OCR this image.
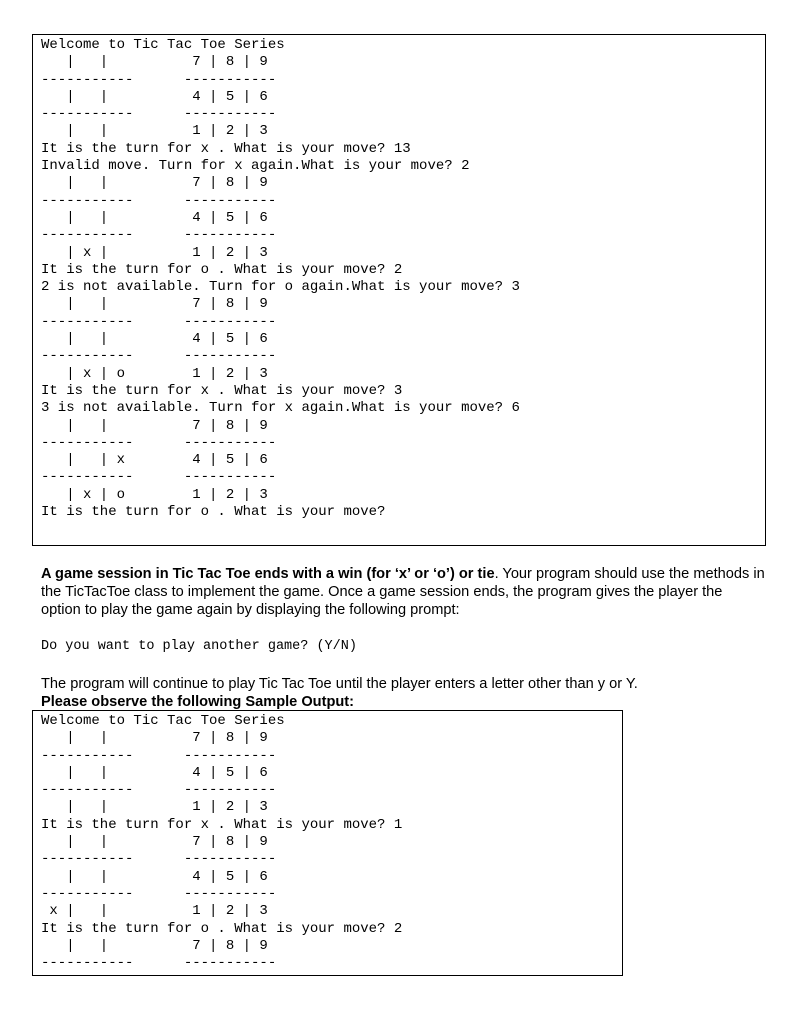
Welcome to Tic Tac Toe Series
|   |          7 | 8 | 9
-----------      -----------
|   |          4 | 5 | 6
-----------      -----------
|   |          1 | 2 | 3
It is the turn for x . What is your move? 13
Invalid move. Turn for x again.What is your move? 2
|   |          7 | 8 | 9
-----------      -----------
|   |          4 | 5 | 6
-----------      -----------
| x |          1 | 2 | 3
It is the turn for o . What is your move? 2
2 is not available. Turn for o again.What is your move? 3
|   |          7 | 8 | 9
-----------      -----------
|   |          4 | 5 | 6
-----------      -----------
| x | o        1 | 2 | 3
It is the turn for x . What is your move? 3
3 is not available. Turn for x again.What is your move? 6
|   |          7 | 8 | 9
-----------      -----------
|   | x        4 | 5 | 6
-----------      -----------
| x | o        1 | 2 | 3
It is the turn for o . What is your move?

A game session in Tic Tac Toe ends with a win (for ‘x’ or ‘o’) or tie. Your program should use the methods in the TicTacToe class to implement the game. Once a game session ends, the program gives the player the option to play the game again by displaying the following prompt:

Do you want to play another game? (Y/N)

The program will continue to play Tic Tac Toe until the player enters a letter other than y or Y.

Please observe the following Sample Output:

Welcome to Tic Tac Toe Series
|   |          7 | 8 | 9
-----------      -----------
|   |          4 | 5 | 6
-----------      -----------
|   |          1 | 2 | 3
It is the turn for x . What is your move? 1
|   |          7 | 8 | 9
-----------      -----------
|   |          4 | 5 | 6
-----------      -----------
x |   |          1 | 2 | 3
It is the turn for o . What is your move? 2
|   |          7 | 8 | 9
-----------      -----------
